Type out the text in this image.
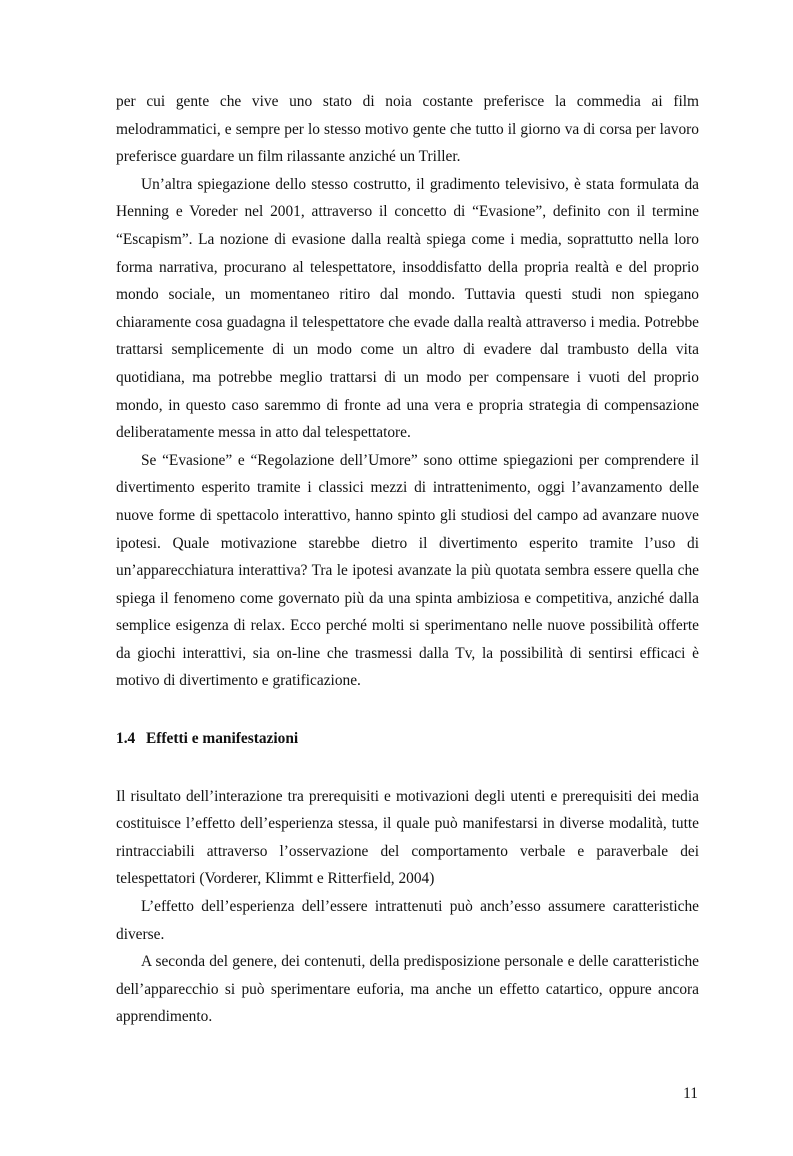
per cui gente che vive uno stato di noia costante preferisce la commedia ai film melodrammatici, e sempre per lo stesso motivo gente che tutto il giorno va di corsa per lavoro preferisce guardare un film rilassante anziché un Triller.

Un’altra spiegazione dello stesso costrutto, il gradimento televisivo, è stata formulata da Henning e Voreder nel 2001, attraverso il concetto di “Evasione”, definito con il termine “Escapism”. La nozione di evasione dalla realtà spiega come i media, soprattutto nella loro forma narrativa, procurano al telespettatore, insoddisfatto della propria realtà e del proprio mondo sociale, un momentaneo ritiro dal mondo. Tuttavia questi studi non spiegano chiaramente cosa guadagna il telespettatore che evade dalla realtà attraverso i media. Potrebbe trattarsi semplicemente di un modo come un altro di evadere dal trambusto della vita quotidiana, ma potrebbe meglio trattarsi di un modo per compensare i vuoti del proprio mondo, in questo caso saremmo di fronte ad una vera e propria strategia di compensazione deliberatamente messa in atto dal telespettatore.

Se “Evasione” e “Regolazione dell’Umore” sono ottime spiegazioni per comprendere il divertimento esperito tramite i classici mezzi di intrattenimento, oggi l’avanzamento delle nuove forme di spettacolo interattivo, hanno spinto gli studiosi del campo ad avanzare nuove ipotesi. Quale motivazione starebbe dietro il divertimento esperito tramite l’uso di un’apparecchiatura interattiva? Tra le ipotesi avanzate la più quotata sembra essere quella che spiega il fenomeno come governato più da una spinta ambiziosa e competitiva, anziché dalla semplice esigenza di relax. Ecco perché molti si sperimentano nelle nuove possibilità offerte da giochi interattivi, sia on-line che trasmessi dalla Tv, la possibilità di sentirsi efficaci è motivo di divertimento e gratificazione.

1.4 Effetti e manifestazioni

Il risultato dell’interazione tra prerequisiti e motivazioni degli utenti e prerequisiti dei media costituisce l’effetto dell’esperienza stessa, il quale può manifestarsi in diverse modalità, tutte rintracciabili attraverso l’osservazione del comportamento verbale e paraverbale dei telespettatori (Vorderer, Klimmt e Ritterfield, 2004)

L’effetto dell’esperienza dell’essere intrattenuti può anch’esso assumere caratteristiche diverse.

A seconda del genere, dei contenuti, della predisposizione personale e delle caratteristiche dell’apparecchio si può sperimentare euforia, ma anche un effetto catartico, oppure ancora apprendimento.

11
